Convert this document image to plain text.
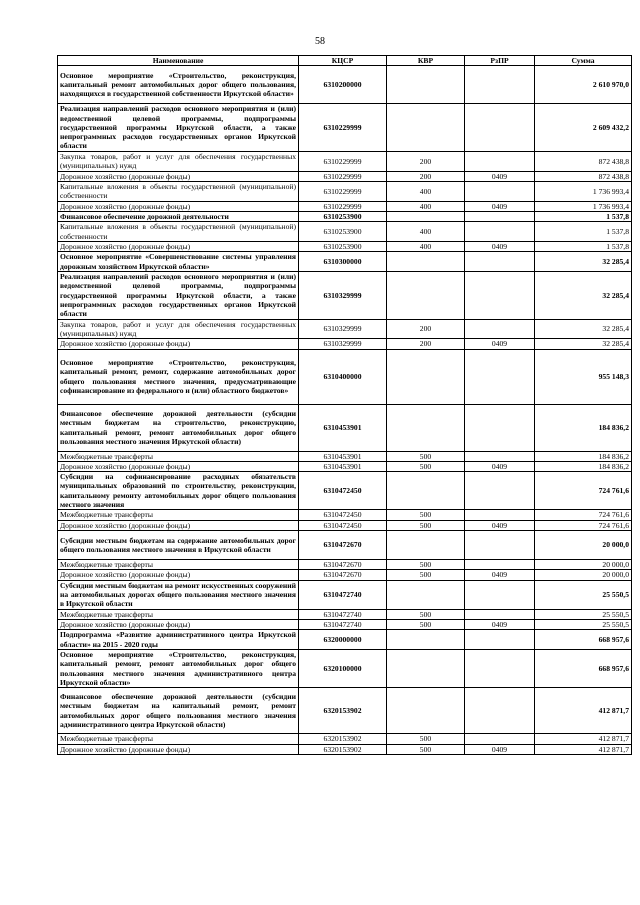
58
Наименование	КЦСР	КВР	РзПР	Сумма
Основное мероприятие «Строительство, реконструкция, капитальный ремонт автомобильных дорог общего пользования, находящихся в государственной собственности Иркутской области»	6310200000			2 610 970,0
Реализация направлений расходов основного мероприятия и (или) ведомственной целевой программы, подпрограммы государственной программы Иркутской области, а также непрограммных расходов государственных органов Иркутской области	6310229999			2 609 432,2
Закупка товаров, работ и услуг для обеспечения государственных (муниципальных) нужд	6310229999	200		872 438,8
Дорожное хозяйство (дорожные фонды)	6310229999	200	0409	872 438,8
Капитальные вложения в объекты государственной (муниципальной) собственности	6310229999	400		1 736 993,4
Дорожное хозяйство (дорожные фонды)	6310229999	400	0409	1 736 993,4
Финансовое обеспечение дорожной деятельности	6310253900			1 537,8
Капитальные вложения в объекты государственной (муниципальной) собственности	6310253900	400		1 537,8
Дорожное хозяйство (дорожные фонды)	6310253900	400	0409	1 537,8
Основное мероприятие «Совершенствование системы управления дорожным хозяйством Иркутской области»	6310300000			32 285,4
Реализация направлений расходов основного мероприятия и (или) ведомственной целевой программы, подпрограммы государственной программы Иркутской области, а также непрограммных расходов государственных органов Иркутской области	6310329999			32 285,4
Закупка товаров, работ и услуг для обеспечения государственных (муниципальных) нужд	6310329999	200		32 285,4
Дорожное хозяйство (дорожные фонды)	6310329999	200	0409	32 285,4
Основное мероприятие «Строительство, реконструкция, капитальный ремонт, ремонт, содержание автомобильных дорог общего пользования местного значения, предусматривающие софинансирование из федерального и (или) областного бюджетов»	6310400000			955 148,3
Финансовое обеспечение дорожной деятельности (субсидии местным бюджетам на строительство, реконструкцию, капитальный ремонт, ремонт автомобильных дорог общего пользования местного значения Иркутской области)	6310453901			184 836,2
Межбюджетные трансферты	6310453901	500		184 836,2
Дорожное хозяйство (дорожные фонды)	6310453901	500	0409	184 836,2
Субсидии на софинансирование расходных обязательств муниципальных образований по строительству, реконструкции, капитальному ремонту автомобильных дорог общего пользования местного значения	6310472450			724 761,6
Межбюджетные трансферты	6310472450	500		724 761,6
Дорожное хозяйство (дорожные фонды)	6310472450	500	0409	724 761,6
Субсидии местным бюджетам на содержание автомобильных дорог общего пользования местного значения в Иркутской области	6310472670			20 000,0
Межбюджетные трансферты	6310472670	500		20 000,0
Дорожное хозяйство (дорожные фонды)	6310472670	500	0409	20 000,0
Субсидии местным бюджетам на ремонт искусственных сооружений на автомобильных дорогах общего пользования местного значения в Иркутской области	6310472740			25 550,5
Межбюджетные трансферты	6310472740	500		25 550,5
Дорожное хозяйство (дорожные фонды)	6310472740	500	0409	25 550,5
Подпрограмма «Развитие административного центра Иркутской области» на 2015 - 2020 годы	6320000000			668 957,6
Основное мероприятие «Строительство, реконструкция, капитальный ремонт, ремонт автомобильных дорог общего пользования местного значения административного центра Иркутской области»	6320100000			668 957,6
Финансовое обеспечение дорожной деятельности (субсидии местным бюджетам на капитальный ремонт, ремонт автомобильных дорог общего пользования местного значения административного центра Иркутской области)	6320153902			412 871,7
Межбюджетные трансферты	6320153902	500		412 871,7
Дорожное хозяйство (дорожные фонды)	6320153902	500	0409	412 871,7
